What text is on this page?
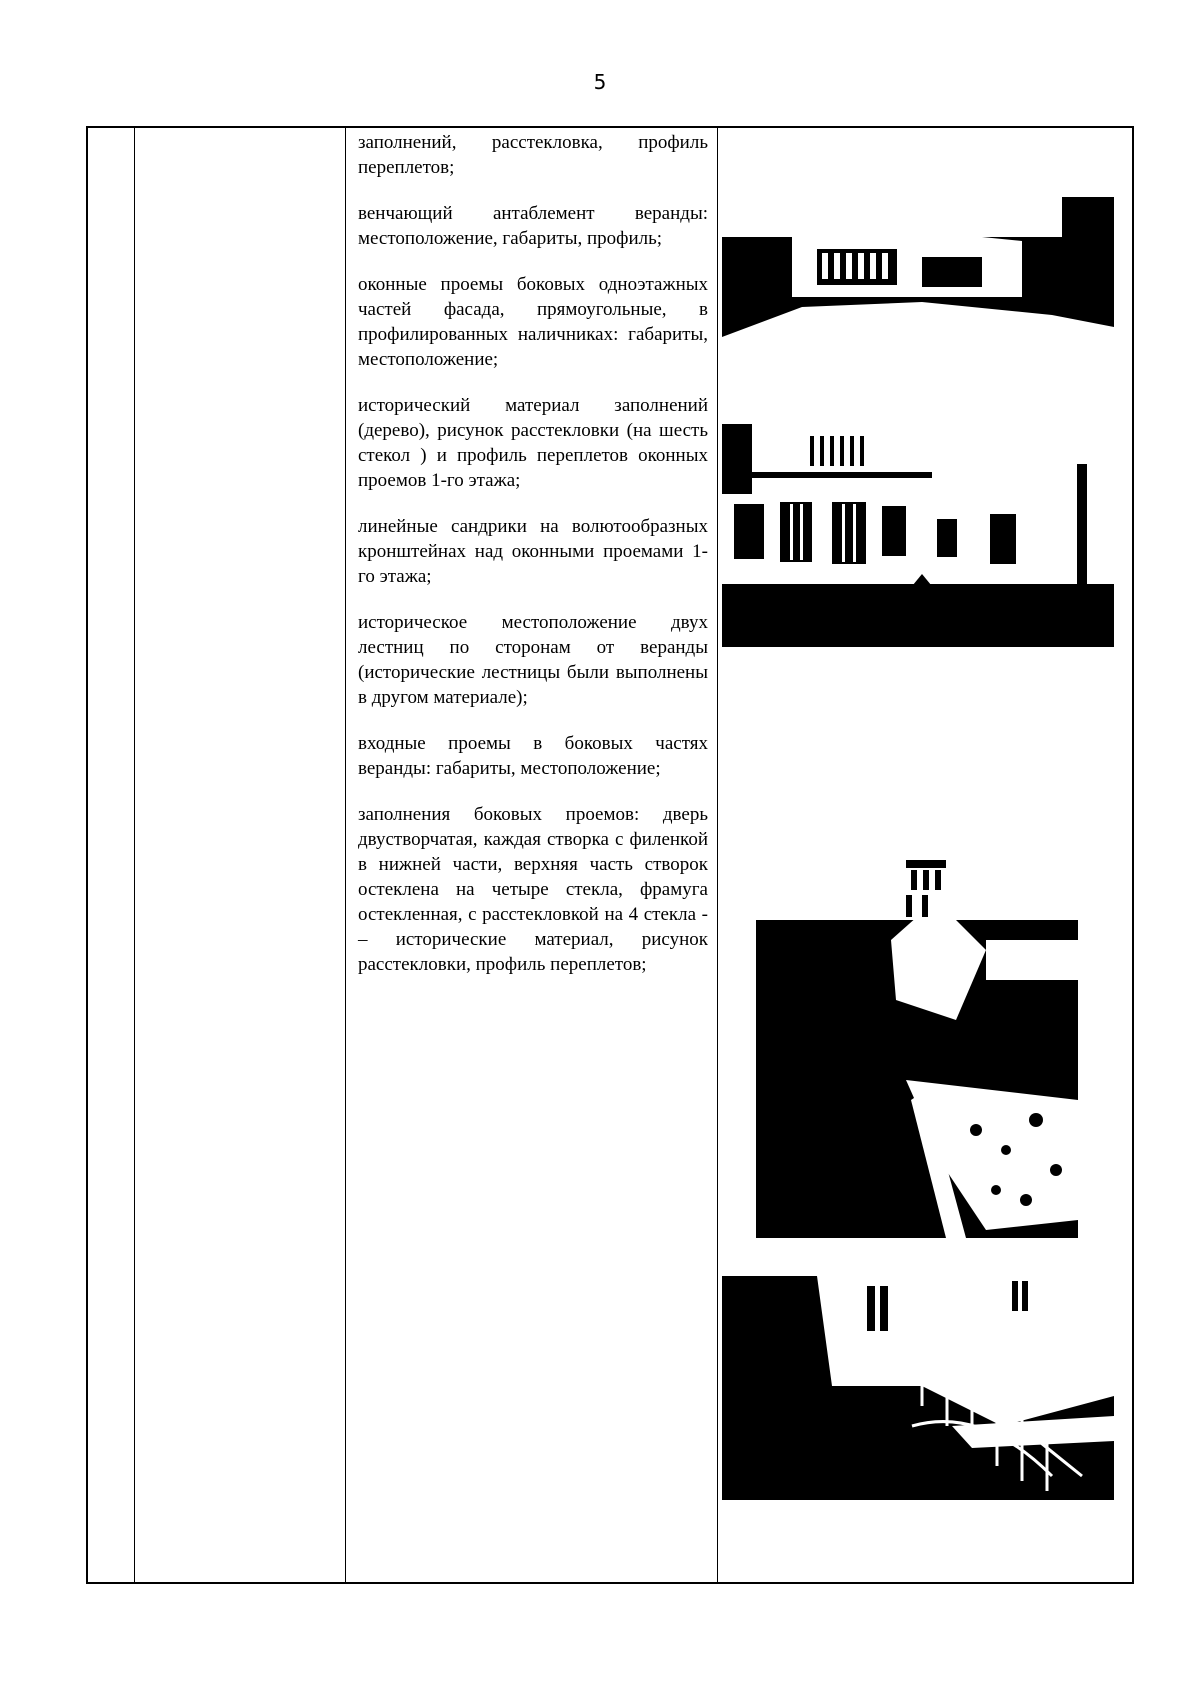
5

заполнений, расстекловка, профиль переплетов;

венчающий антаблемент веранды: местоположение, габариты, профиль;

оконные проемы боковых одноэтажных частей фасада, прямоугольные, в профилированных наличниках: габариты, местоположение;

исторический материал заполнений (дерево), рисунок расстекловки (на шесть стекол ) и профиль переплетов оконных проемов 1-го этажа;

линейные сандрики на волютообразных кронштейнах над оконными проемами 1-го этажа;

историческое местоположение двух лестниц по сторонам от веранды (исторические лестницы были выполнены в другом материале);

входные проемы в боковых частях веранды: габариты, местоположение;

заполнения боковых проемов: дверь двустворчатая, каждая створка с филенкой в нижней части, верхняя часть створок остеклена на четыре стекла, фрамуга остекленная, с расстекловкой на 4 стекла - – исторические материал, рисунок расстекловки, профиль переплетов;
